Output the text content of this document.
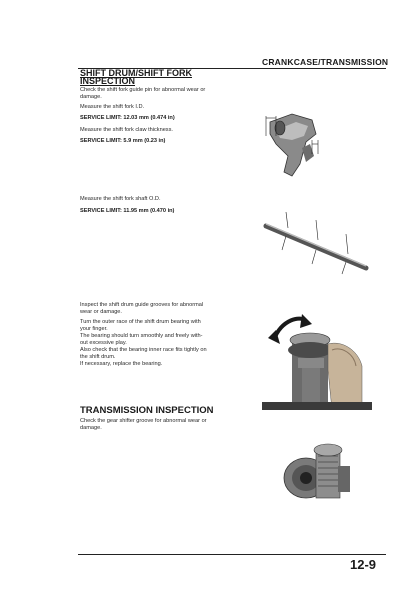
CRANKCASE/TRANSMISSION
SHIFT DRUM/SHIFT FORK
INSPECTION
Check the shift fork guide pin for abnormal wear or
damage.
Measure the shift fork I.D.
SERVICE LIMIT: 12.03 mm (0.474 in)
Measure the shift fork claw thickness.
SERVICE LIMIT: 5.9 mm (0.23 in)
Measure the shift fork shaft O.D.
SERVICE LIMIT: 11.95 mm (0.470 in)
Inspect the shift drum guide grooves for abnormal
wear or damage.
Turn the outer race of the shift drum bearing with
your finger.
The bearing should turn smoothly and freely with-
out excessive play.
Also check that the bearing inner race fits tightly on
the shift drum.
If necessary, replace the bearing.
TRANSMISSION INSPECTION
Check the gear shifter groove for abnormal wear or
damage.
12-9
